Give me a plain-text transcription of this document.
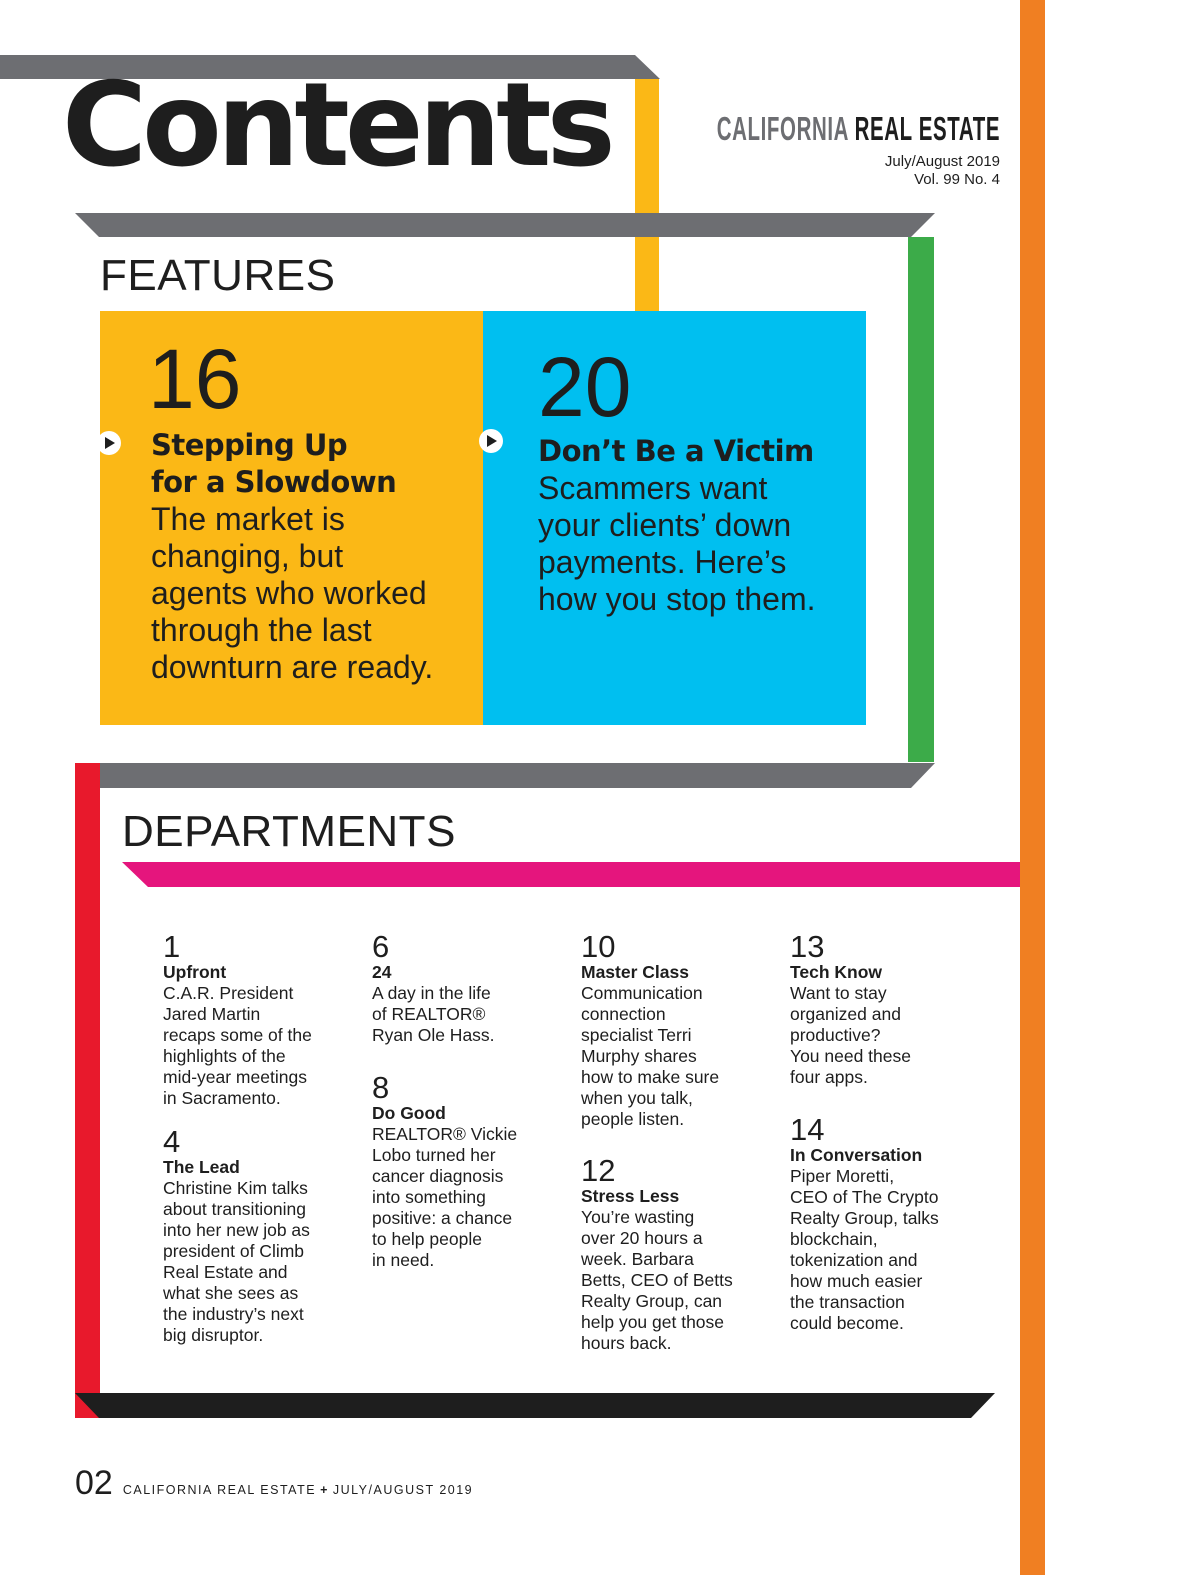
Contents	CALIFORNIA REAL ESTATE
July/August 2019
Vol. 99 No. 4
FEATURES
16
Stepping Up
for a Slowdown
The market is
changing, but
agents who worked
through the last
downturn are ready.
20
Don’t Be a Victim
Scammers want
your clients’ down
payments. Here’s
how you stop them.
DEPARTMENTS
1
Upfront
C.A.R. President
Jared Martin
recaps some of the
highlights of the
mid-year meetings
in Sacramento.
4
The Lead
Christine Kim talks
about transitioning
into her new job as
president of Climb
Real Estate and
what she sees as
the industry’s next
big disruptor.
6
24
A day in the life
of REALTOR®
Ryan Ole Hass.
8
Do Good
REALTOR® Vickie
Lobo turned her
cancer diagnosis
into something
positive: a chance
to help people
in need.
10
Master Class
Communication
connection
specialist Terri
Murphy shares
how to make sure
when you talk,
people listen.
12
Stress Less
You’re wasting
over 20 hours a
week. Barbara
Betts, CEO of Betts
Realty Group, can
help you get those
hours back.
13
Tech Know
Want to stay
organized and
productive?
You need these
four apps.
14
In Conversation
Piper Moretti,
CEO of The Crypto
Realty Group, talks
blockchain,
tokenization and
how much easier
the transaction
could become.
02 CALIFORNIA REAL ESTATE + JULY/AUGUST 2019
